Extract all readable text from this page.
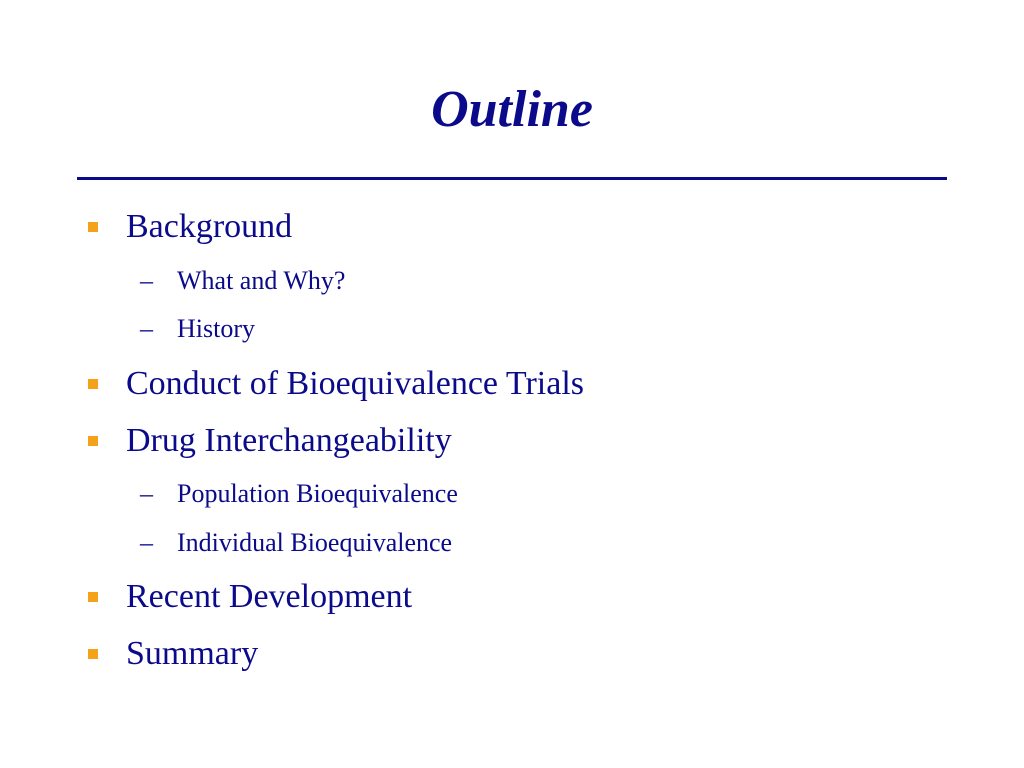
Outline
Background
– What and Why?
– History
Conduct of Bioequivalence Trials
Drug Interchangeability
– Population Bioequivalence
– Individual Bioequivalence
Recent Development
Summary
